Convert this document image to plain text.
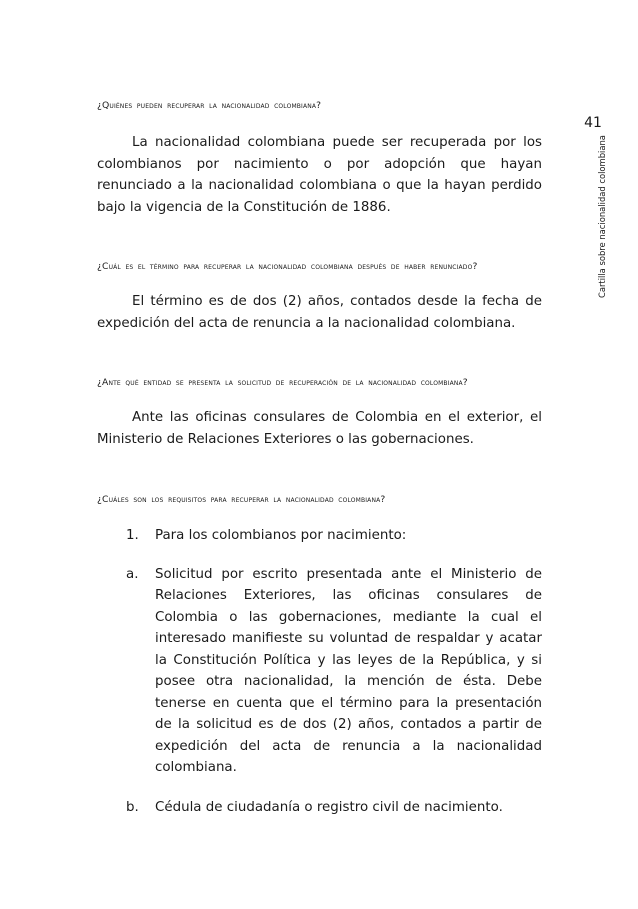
41
Cartilla sobre nacionalidad colombiana

¿Quiénes pueden recuperar la nacionalidad colombiana?

La nacionalidad colombiana puede ser recuperada por los colombianos por nacimiento o por adopción que hayan renunciado a la nacionalidad colombiana o que la hayan perdido bajo la vigencia de la Constitución de 1886.

¿Cuál es el término para recuperar la nacionalidad colombiana después de haber renunciado?

El término es de dos (2) años, contados desde la fecha de expedición del acta de renuncia a la nacionalidad colombiana.

¿Ante qué entidad se presenta la solicitud de recuperación de la nacionalidad colombiana?

Ante las oficinas consulares de Colombia en el exterior, el Ministerio de Relaciones Exteriores o las gobernaciones.

¿Cuáles son los requisitos para recuperar la nacionalidad colombiana?

1.	Para los colombianos por nacimiento:
a.	Solicitud por escrito presentada ante el Ministerio de Relaciones Exteriores, las oficinas consulares de Colombia o las gobernaciones, mediante la cual el interesado manifieste su voluntad de respaldar y acatar la Constitución Política y las leyes de la República, y si posee otra nacionalidad, la mención de ésta. Debe tenerse en cuenta que el término para la presentación de la solicitud es de dos (2) años, contados a partir de expedición del acta de renuncia a la nacionalidad colombiana.
b.	Cédula de ciudadanía o registro civil de nacimiento.
